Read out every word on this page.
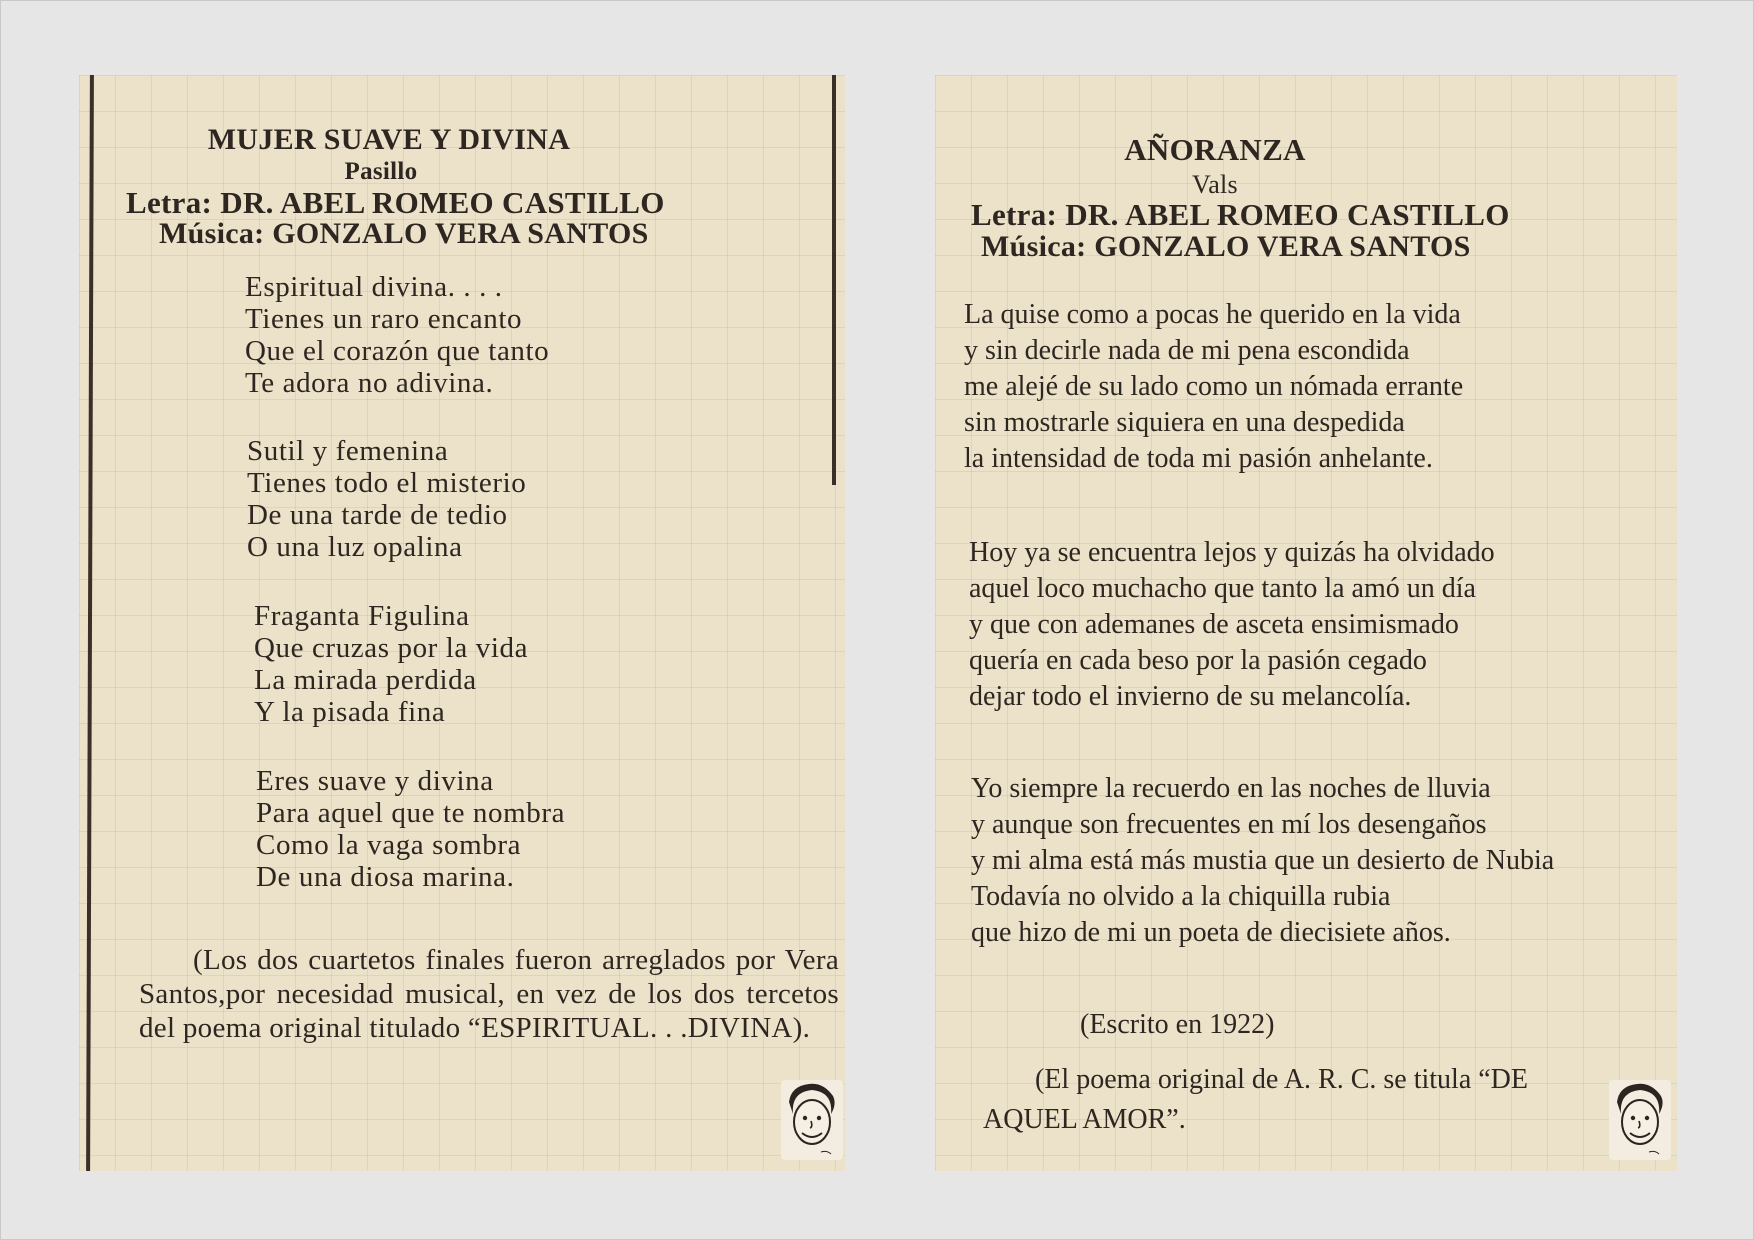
MUJER SUAVE Y DIVINA
Pasillo
Letra: DR. ABEL ROMEO CASTILLO
Música: GONZALO VERA SANTOS
Espiritual divina. . . .
Tienes un raro encanto
Que el corazón que tanto
Te adora no adivina.
Sutil y femenina
Tienes todo el misterio
De una tarde de tedio
O una luz opalina
Fraganta Figulina
Que cruzas por la vida
La mirada perdida
Y la pisada fina
Eres suave y divina
Para aquel que te nombra
Como la vaga sombra
De una diosa marina.
(Los dos cuartetos finales fueron arreglados por Vera Santos,por necesidad musical, en vez de los dos tercetos del poema original titulado “ESPIRITUAL. . .DIVINA).
AÑORANZA
Vals
Letra: DR. ABEL ROMEO CASTILLO
Música: GONZALO VERA SANTOS
La quise como a pocas he querido en la vida
y sin decirle nada de mi pena escondida
me alejé de su lado como un nómada errante
sin mostrarle siquiera en una despedida
la intensidad de toda mi pasión anhelante.
Hoy ya se encuentra lejos y quizás ha olvidado
aquel loco muchacho que tanto la amó un día
y que con ademanes de asceta ensimismado
quería en cada beso por la pasión cegado
dejar todo el invierno de su melancolía.
Yo siempre la recuerdo en las noches de lluvia
y aunque son frecuentes en mí los desengaños
y mi alma está más mustia que un desierto de Nubia
Todavía no olvido a la chiquilla rubia
que hizo de mi un poeta de diecisiete años.
(Escrito en 1922)
(El poema original de A. R. C. se titula “DE AQUEL AMOR”.
